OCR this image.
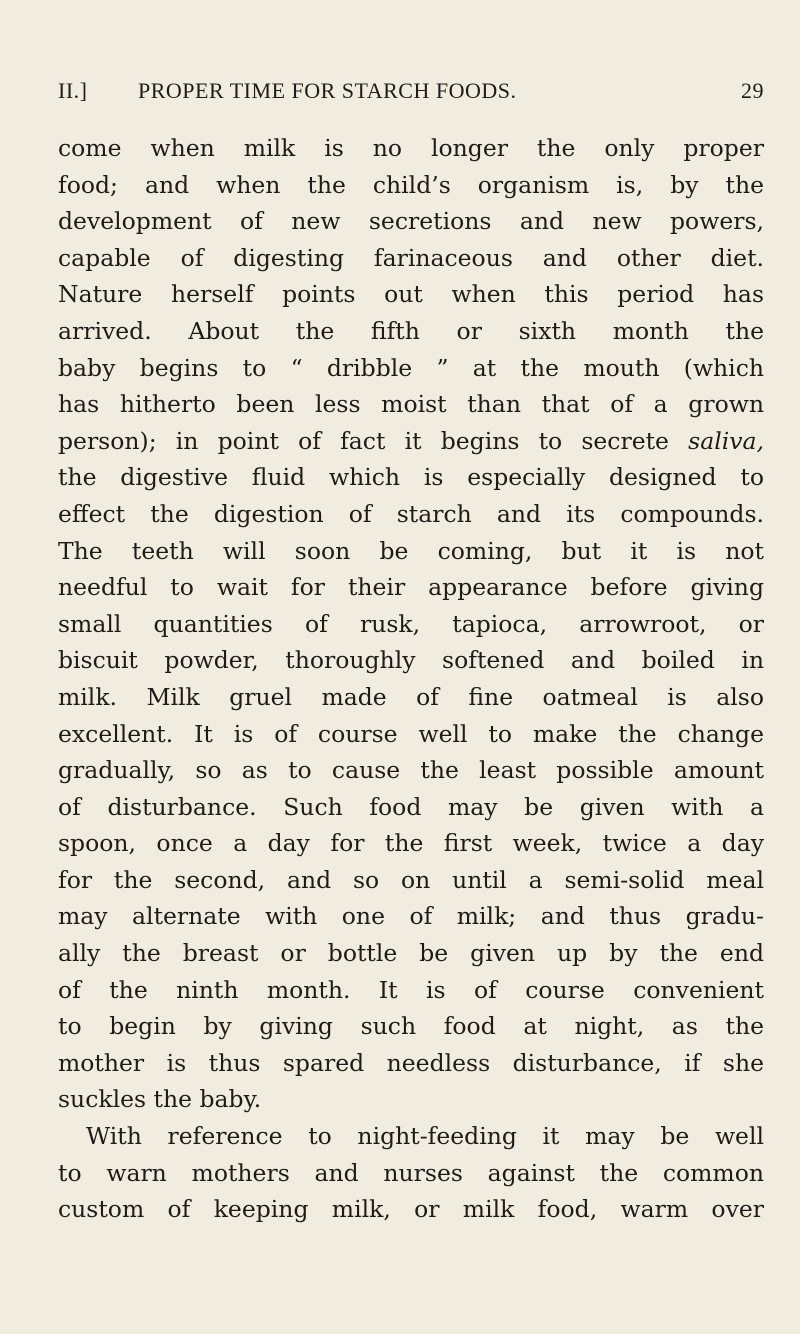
II.] PROPER TIME FOR STARCH FOODS.	29
come when milk is no longer the only proper
food; and when the child’s organism is, by the
development of new secretions and new powers,
capable of digesting farinaceous and other diet.
Nature herself points out when this period has
arrived. About the fifth or sixth month the
baby begins to “ dribble ” at the mouth (which
has hitherto been less moist than that of a grown
person); in point of fact it begins to secrete saliva,
the digestive fluid which is especially designed to
effect the digestion of starch and its compounds.
The teeth will soon be coming, but it is not
needful to wait for their appearance before giving
small quantities of rusk, tapioca, arrowroot, or
biscuit powder, thoroughly softened and boiled in
milk. Milk gruel made of fine oatmeal is also
excellent. It is of course well to make the change
gradually, so as to cause the least possible amount
of disturbance. Such food may be given with a
spoon, once a day for the first week, twice a day
for the second, and so on until a semi-solid meal
may alternate with one of milk; and thus gradu-
ally the breast or bottle be given up by the end
of the ninth month. It is of course convenient
to begin by giving such food at night, as the
mother is thus spared needless disturbance, if she
suckles the baby.
With reference to night-feeding it may be well
to warn mothers and nurses against the common
custom of keeping milk, or milk food, warm over
